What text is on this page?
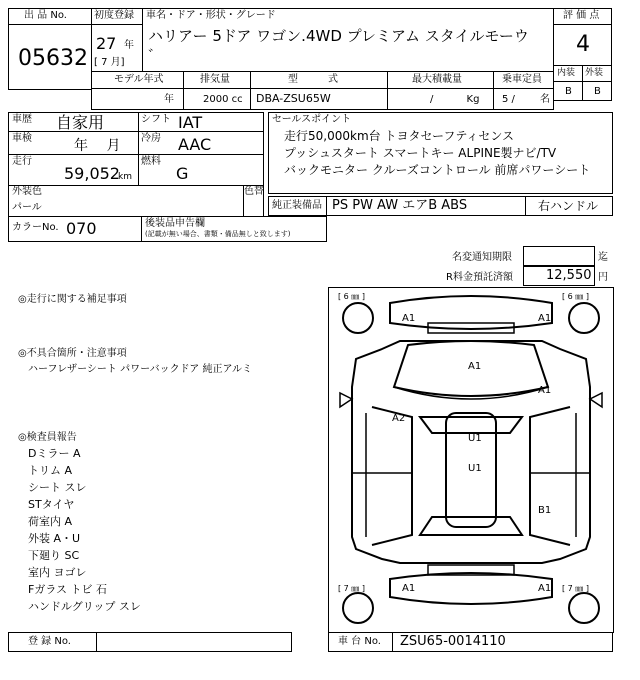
出 品 No.
05632
初度登録
27 年
[ 7 月]
車名・ドア・形状・グレード
ハリアー 5ドア ワゴン.4WD プレミアム スタイルモーウ
゛
評 価 点
4
内装 外装
B B
モデル年式
年
排気量
2000 cc
型　　　式
DBA-ZSU65W
最大積載量
/　　　 Kg
乗車定員
5 /	名
車歴 自家用	シフト IAT
車検	年　 月 冷房 AAC
走行
59,052
km
燃料
G
外装色
パール
色替
カラーNo. 070	後装品申告欄
(記載が無い場合、書類・備品無しと致します)
セールスポイント
走行50,000km台 トヨタセーフティセンス
プッシュスタート スマートキー ALPINE製ナビ/TV
バックモニター クルーズコントロール 前席パワーシート
純正装備品 PS PW AW エアB ABS	右ハンドル
名変通知期限	迄
R料金預託済額	12,550 円
◎走行に関する補足事項
◎不具合箇所・注意事項
ハーフレザーシート パワーバックドア 純正アルミ
◎検査員報告
Dミラー A
トリム A
シート スレ
STタイヤ
荷室内 A
外装 A・U
下廻り SC
室内 ヨゴレ
Fガラス トビ 石
ハンドルグリップ スレ
[ 6 ㎜ ]	[ 6 ㎜ ]
[ 7 ㎜ ]	[ 7 ㎜ ]
A1	A1
A1
A1
A2
U1
U1
B1
A1	A1
登 録 No.	車 台 No. ZSU65-0014110
